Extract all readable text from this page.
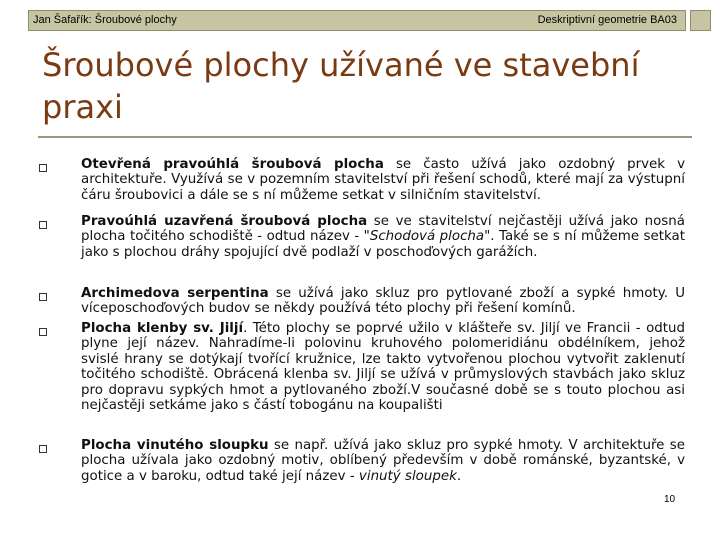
Jan Šafařík: Šroubové plochy	Deskriptivní geometrie BA03
Šroubové plochy užívané ve stavební praxi

Otevřená pravoúhlá šroubová plocha se často užívá jako ozdobný prvek v architektuře. Využívá se v pozemním stavitelství při řešení schodů, které mají za výstupní čáru šroubovici a dále se s ní můžeme setkat v silničním stavitelství.

Pravoúhlá uzavřená šroubová plocha se ve stavitelství nejčastěji užívá jako nosná plocha točitého schodiště - odtud název - "Schodová plocha". Také se s ní můžeme setkat jako s plochou dráhy spojující dvě podlaží v poschoďových garážích.

Archimedova serpentina se užívá jako skluz pro pytlované zboží a sypké hmoty. U víceposchoďových budov se někdy používá této plochy při řešení komínů.

Plocha klenby sv. Jiljí. Této plochy se poprvé užilo v klášteře sv. Jiljí ve Francii - odtud plyne její název. Nahradíme-li polovinu kruhového polomeridiánu obdélníkem, jehož svislé hrany se dotýkají tvořící kružnice, lze takto vytvořenou plochou vytvořit zaklenutí točitého schodiště. Obrácená klenba sv. Jiljí se užívá v průmyslových stavbách jako skluz pro dopravu sypkých hmot a pytlovaného zboží.V současné době se s touto plochou asi nejčastěji setkáme jako s částí tobogánu na koupališti

Plocha vinutého sloupku se např. užívá jako skluz pro sypké hmoty. V architektuře se plocha užívala jako ozdobný motiv, oblíbený především v době románské, byzantské, v gotice a v baroku, odtud také její název - vinutý sloupek.

10
